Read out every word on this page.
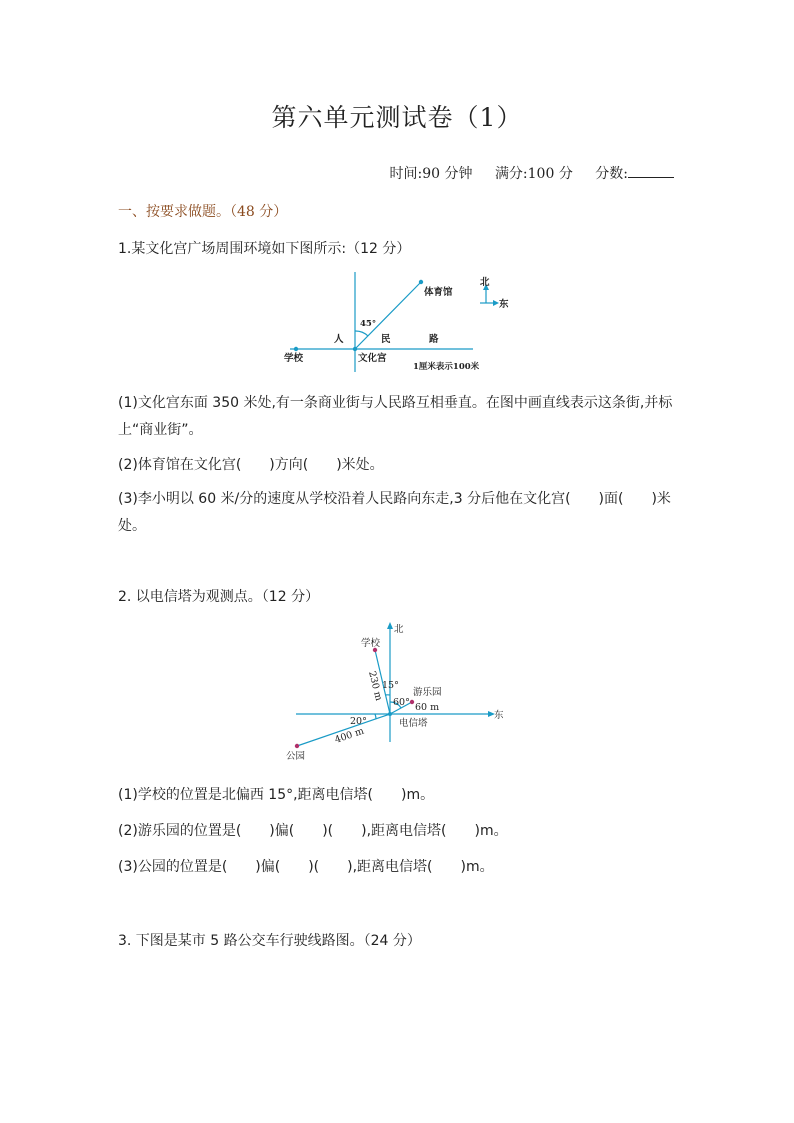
第六单元测试卷（1）
时间:90 分钟 满分:100 分 分数:
一、按要求做题。（48 分）
1.某文化宫广场周围环境如下图所示:（12 分）
体育馆
北
东
45°
人	民	路
学校	文化宫
1厘米表示100米
(1)文化宫东面 350 米处,有一条商业街与人民路互相垂直。在图中画直线表示这条街,并标上“商业街”。
(2)体育馆在文化宫(　　)方向(　　)米处。
(3)李小明以 60 米/分的速度从学校沿着人民路向东走,3 分后他在文化宫(　　)面(　　)米处。
2. 以电信塔为观测点。（12 分）
北
学校
230 m
15°
60°
游乐园
60 m
东
20°	电信塔
400 m
公园
(1)学校的位置是北偏西 15°,距离电信塔(　　)m。
(2)游乐园的位置是(　　)偏(　　)(　　),距离电信塔(　　)m。
(3)公园的位置是(　　)偏(　　)(　　),距离电信塔(　　)m。
3. 下图是某市 5 路公交车行驶线路图。（24 分）
